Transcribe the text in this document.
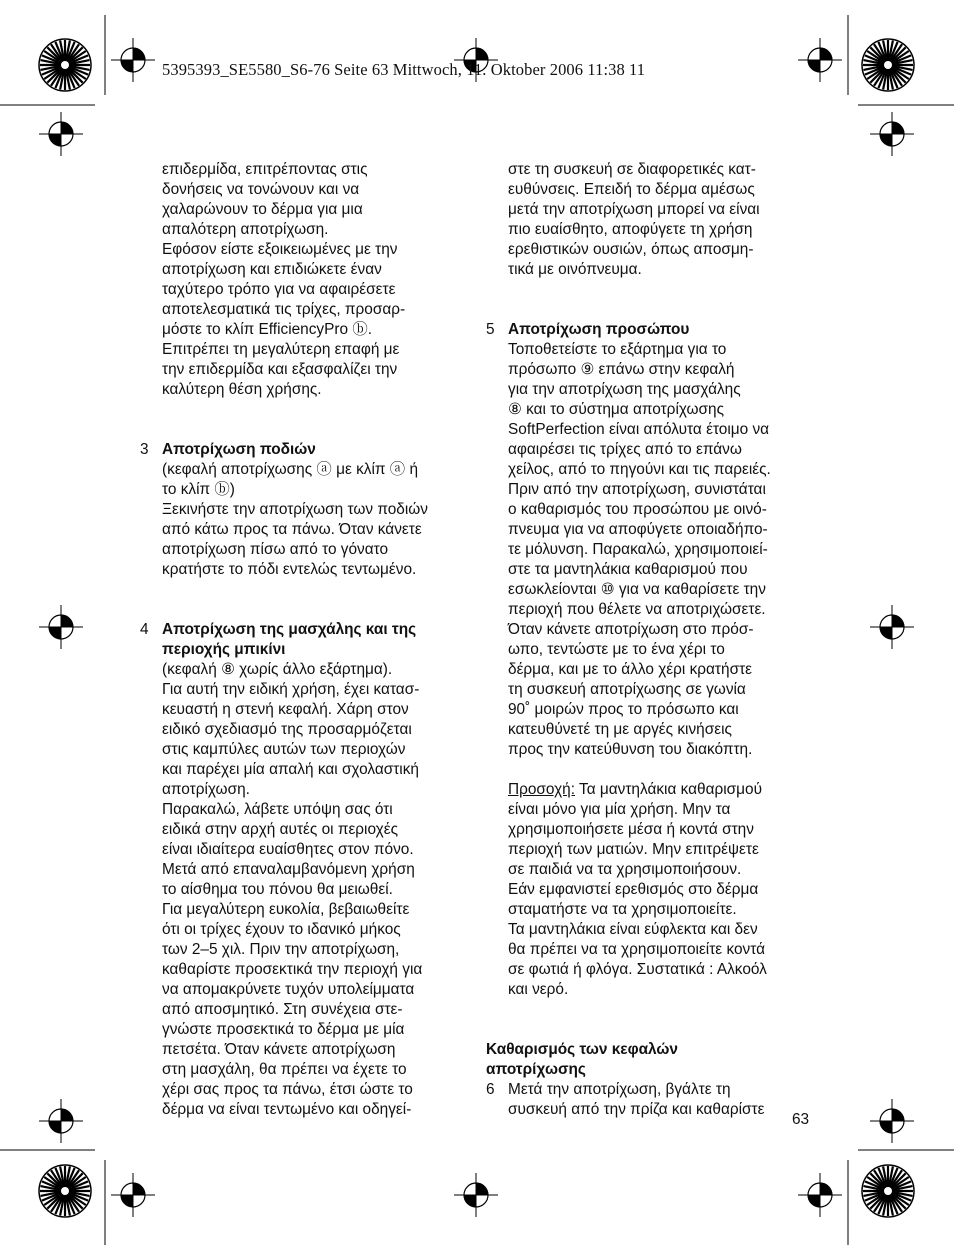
5395393_SE5580_S6-76 Seite 63 Mittwoch, 11. Oktober 2006 11:38 11

επιδερμίδα, επιτρέποντας στις

δονήσεις να τονώνουν και να

χαλαρώνουν το δέρμα για μια

απαλότερη αποτρίχωση.

Εφόσον είστε εξοικειωμένες με την

αποτρίχωση και επιδιώκετε έναν

ταχύτερο τρόπο για να αφαιρέσετε

αποτελεσματικά τις τρίχες, προσαρ-

μόστε το κλίπ EfficiencyPro ⓑ.

Επιτρέπει τη μεγαλύτερη επαφή με

την επιδερμίδα και εξασφαλίζει την

καλύτερη θέση χρήσης.

3 Αποτρίχωση ποδιών

(κεφαλή αποτρίχωσης ⓐ με κλίπ ⓐ ή

το κλίπ ⓑ)

Ξεκινήστε την αποτρίχωση των ποδιών

από κάτω προς τα πάνω. Όταν κάνετε

αποτρίχωση πίσω από το γόνατο

κρατήστε το πόδι εντελώς τεντωμένο.

4 Αποτρίχωση της μασχάλης και της

περιοχής μπικίνι

(κεφαλή ⑧ χωρίς άλλο εξάρτημα).

Για αυτή την ειδική χρήση, έχει κατασ-

κευαστή η στενή κεφαλή. Χάρη στον

ειδικό σχεδιασμό της προσαρμόζεται

στις καμπύλες αυτών των περιοχών

και παρέχει μία απαλή και σχολαστική

αποτρίχωση.

Παρακαλώ, λάβετε υπόψη σας ότι

ειδικά στην αρχή αυτές οι περιοχές

είναι ιδιαίτερα ευαίσθητες στον πόνο.

Μετά από επαναλαμβανόμενη χρήση

το αίσθημα του πόνου θα μειωθεί.

Για μεγαλύτερη ευκολία, βεβαιωθείτε

ότι οι τρίχες έχουν το ιδανικό μήκος

των 2–5 χιλ. Πριν την αποτρίχωση,

καθαρίστε προσεκτικά την περιοχή για

να απομακρύνετε τυχόν υπολείμματα

από αποσμητικό. Στη συνέχεια στε-

γνώστε προσεκτικά το δέρμα με μία

πετσέτα. Όταν κάνετε αποτρίχωση

στη μασχάλη, θα πρέπει να έχετε το

χέρι σας προς τα πάνω, έτσι ώστε το

δέρμα να είναι τεντωμένο και οδηγεί-

στε τη συσκευή σε διαφορετικές κατ-

ευθύνσεις. Επειδή το δέρμα αμέσως

μετά την αποτρίχωση μπορεί να είναι

πιο ευαίσθητο, αποφύγετε τη χρήση

ερεθιστικών ουσιών, όπως αποσμη-

τικά με οινόπνευμα.

5 Αποτρίχωση προσώπου

Τοποθετείστε το εξάρτημα για το

πρόσωπο ⑨ επάνω στην κεφαλή

για την αποτρίχωση της μασχάλης

⑧ και το σύστημα αποτρίχωσης

SoftPerfection είναι απόλυτα έτοιμο να

αφαιρέσει τις τρίχες από το επάνω

χείλος, από το πηγούνι και τις παρειές.

Πριν από την αποτρίχωση, συνιστάται

ο καθαρισμός του προσώπου με οινό-

πνευμα για να αποφύγετε οποιαδήπο-

τε μόλυνση. Παρακαλώ, χρησιμοποιεί-

στε τα μαντηλάκια καθαρισμού που

εσωκλείονται ⑩ για να καθαρίσετε την

περιοχή που θέλετε να αποτριχώσετε.

Όταν κάνετε αποτρίχωση στο πρόσ-

ωπο, τεντώστε με το ένα χέρι το

δέρμα, και με το άλλο χέρι κρατήστε

τη συσκευή αποτρίχωσης σε γωνία

90˚ μοιρών προς το πρόσωπο και

κατευθύνετέ τη με αργές κινήσεις

προς την κατεύθυνση του διακόπτη.

Προσοχή: Τα μαντηλάκια καθαρισμού

είναι μόνο για μία χρήση. Μην τα

χρησιμοποιήσετε μέσα ή κοντά στην

περιοχή των ματιών. Μην επιτρέψετε

σε παιδιά να τα χρησιμοποιήσουν.

Εάν εμφανιστεί ερεθισμός στο δέρμα

σταματήστε να τα χρησιμοποιείτε.

Τα μαντηλάκια είναι εύφλεκτα και δεν

θα πρέπει να τα χρησιμοποιείτε κοντά

σε φωτιά ή φλόγα. Συστατικά : Αλκοόλ

και νερό.

Καθαρισμός των κεφαλών

αποτρίχωσης

6 Μετά την αποτρίχωση, βγάλτε τη

συσκευή από την πρίζα και καθαρίστε

63
